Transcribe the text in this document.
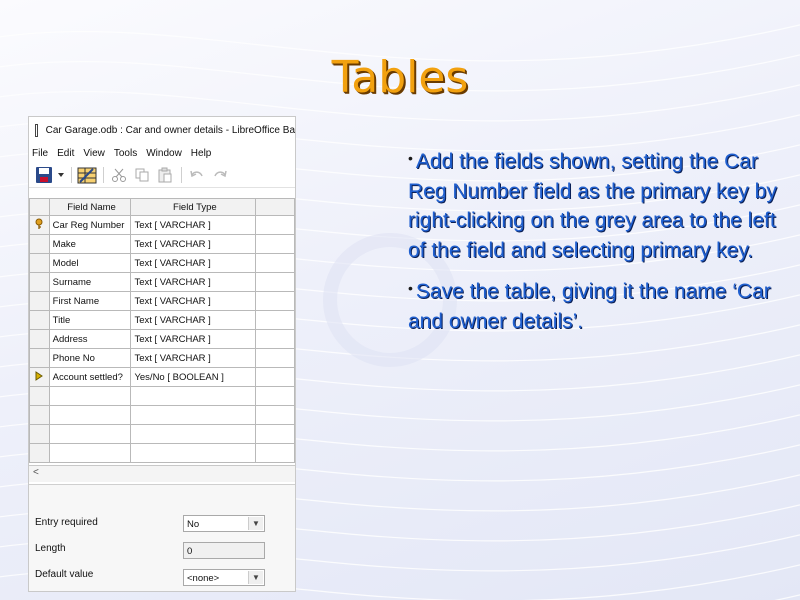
Tables
• Add the fields shown, setting the Car Reg Number field as the primary key by right-clicking on the grey area to the left of the field and selecting primary key.
• Save the table, giving it the name ‘Car and owner details’.
Car Garage.odb : Car and owner details - LibreOffice Ba
File Edit View Tools Window Help
	Field Name	Field Type	
	Car Reg Number	Text [ VARCHAR ]	
	Make	Text [ VARCHAR ]	
	Model	Text [ VARCHAR ]	
	Surname	Text [ VARCHAR ]	
	First Name	Text [ VARCHAR ]	
	Title	Text [ VARCHAR ]	
	Address	Text [ VARCHAR ]	
	Phone No	Text [ VARCHAR ]	
	Account settled?	Yes/No [ BOOLEAN ]	

<
Entry required	No	▼
Length	0
Default value	<none>	▼
